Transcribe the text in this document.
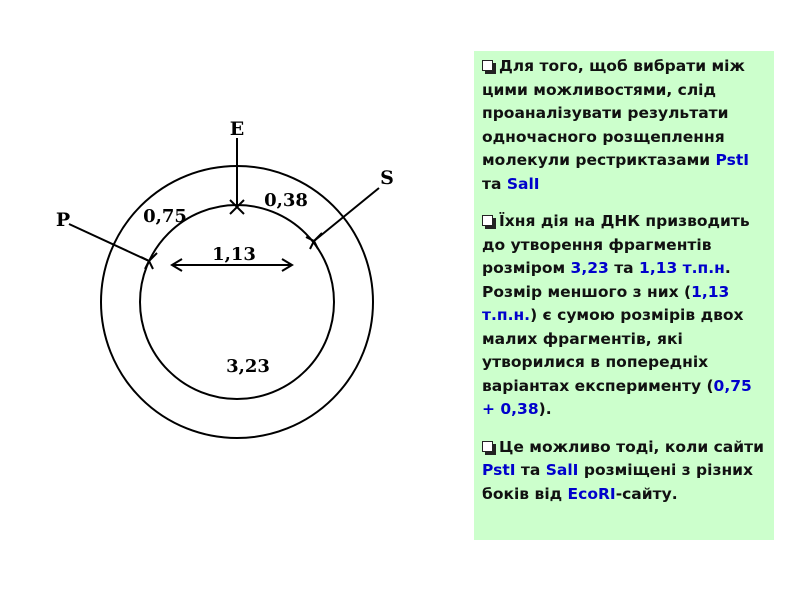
E
S
P	0,75
0,38
1,13
3,23

Для того, щоб вибрати між цими можливостями, слід проаналізувати результати одночасного розщеплення молекули рестриктазами PstI та SalI

Їхня дія на ДНК призводить до утворення фрагментів розміром 3,23 та 1,13 т.п.н. Розмір меншого з них (1,13 т.п.н.) є сумою розмірів двох малих фрагментів, які утворилися в попередніх варіантах експерименту (0,75 + 0,38).

Це можливо тоді, коли сайти PstI та SalI розміщені з різних боків від EcoRI-сайту.
